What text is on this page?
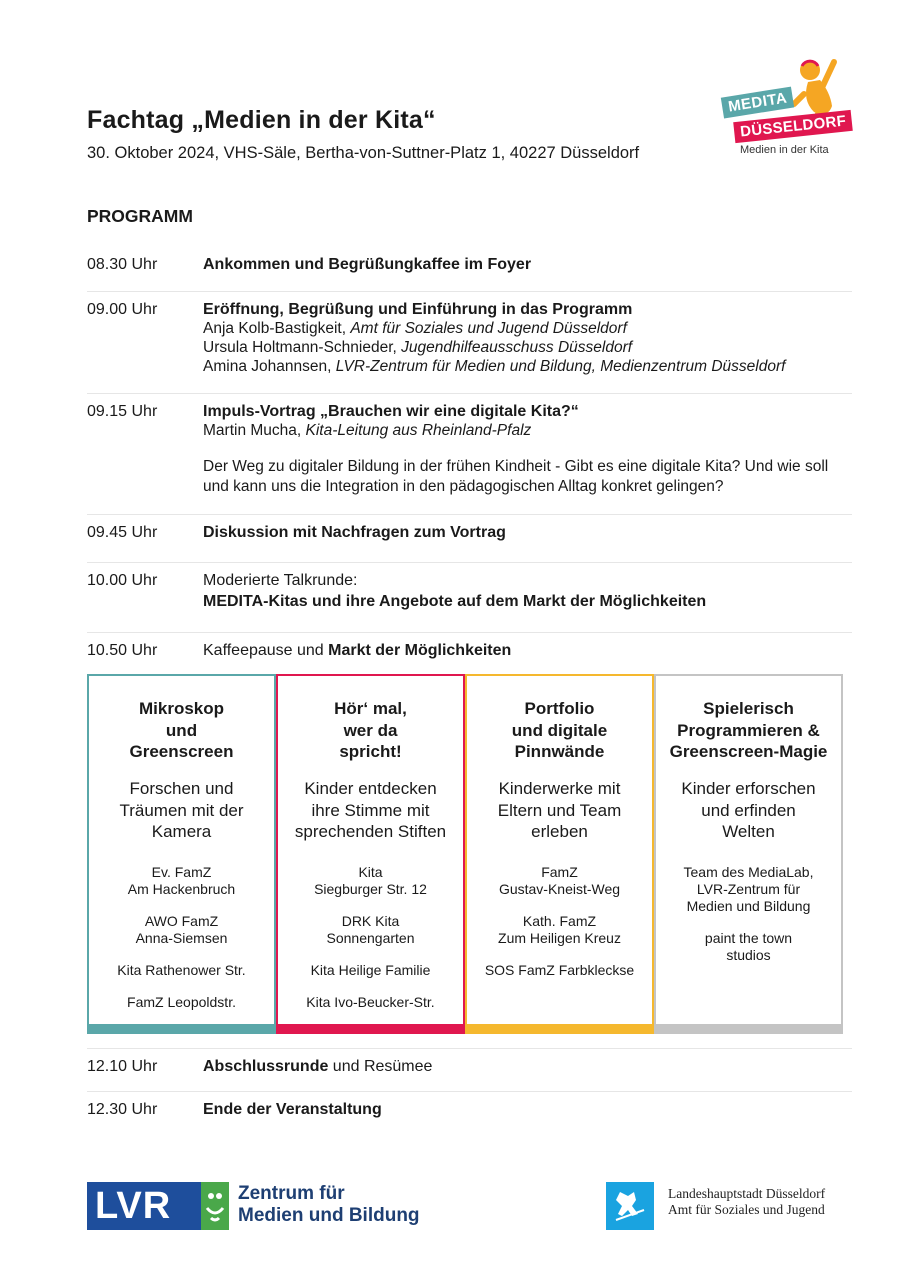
Fachtag „Medien in der Kita“
30. Oktober 2024, VHS-Säle, Bertha-von-Suttner-Platz 1, 40227 Düsseldorf
MEDITA
DÜSSELDORF
Medien in der Kita
PROGRAMM
08.30 Uhr	Ankommen und Begrüßungkaffee im Foyer
09.00 Uhr	Eröffnung, Begrüßung und Einführung in das Programm
Anja Kolb-Bastigkeit, Amt für Soziales und Jugend Düsseldorf
Ursula Holtmann-Schnieder, Jugendhilfeausschuss Düsseldorf
Amina Johannsen, LVR-Zentrum für Medien und Bildung, Medienzentrum Düsseldorf
09.15 Uhr	Impuls-Vortrag „Brauchen wir eine digitale Kita?“
Martin Mucha, Kita-Leitung aus Rheinland-Pfalz
Der Weg zu digitaler Bildung in der frühen Kindheit - Gibt es eine digitale Kita? Und wie soll und kann uns die Integration in den pädagogischen Alltag konkret gelingen?
09.45 Uhr	Diskussion mit Nachfragen zum Vortrag
10.00 Uhr	Moderierte Talkrunde:
MEDITA-Kitas und ihre Angebote auf dem Markt der Möglichkeiten
10.50 Uhr	Kaffeepause und Markt der Möglichkeiten
Mikroskop
und
Greenscreen
Forschen und
Träumen mit der
Kamera
Ev. FamZ
Am Hackenbruch
AWO FamZ
Anna-Siemsen
Kita Rathenower Str.
FamZ Leopoldstr.
Hör‘ mal,
wer da
spricht!
Kinder entdecken
ihre Stimme mit
sprechenden Stiften
Kita
Siegburger Str. 12
DRK Kita
Sonnengarten
Kita Heilige Familie
Kita Ivo-Beucker-Str.
Portfolio
und digitale
Pinnwände
Kinderwerke mit
Eltern und Team
erleben
FamZ
Gustav-Kneist-Weg
Kath. FamZ
Zum Heiligen Kreuz
SOS FamZ Farbkleckse
Spielerisch
Programmieren &
Greenscreen-Magie
Kinder erforschen
und erfinden
Welten
Team des MediaLab,
LVR-Zentrum für
Medien und Bildung
paint the town
studios
12.10 Uhr	Abschlussrunde und Resümee
12.30 Uhr	Ende der Veranstaltung
LVR	Zentrum für
Medien und Bildung
Landeshauptstadt Düsseldorf
Amt für Soziales und Jugend
